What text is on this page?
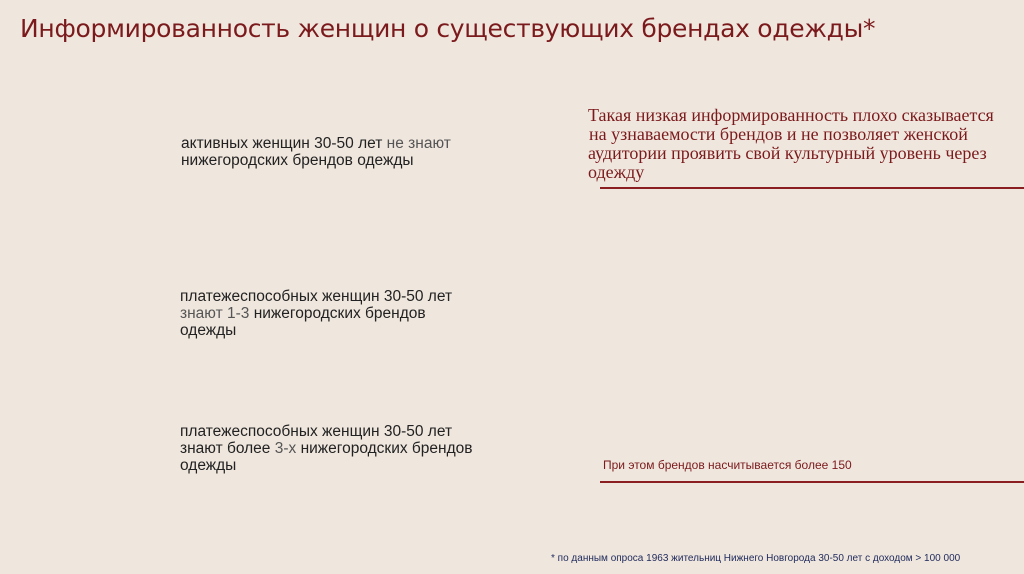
Информированность женщин о существующих брендах одежды*
активных женщин 30-50 лет не знают
нижегородских брендов одежды
платежеспособных женщин 30-50 лет
знают 1-3 нижегородских брендов
одежды
платежеспособных женщин 30-50 лет
знают более 3-х нижегородских брендов
одежды
Такая низкая информированность плохо сказывается
на узнаваемости брендов и не позволяет женской
аудитории проявить свой культурный уровень через
одежду
При этом брендов насчитывается более 150
* по данным опроса 1963 жительниц Нижнего Новгорода 30-50 лет с доходом > 100 000
